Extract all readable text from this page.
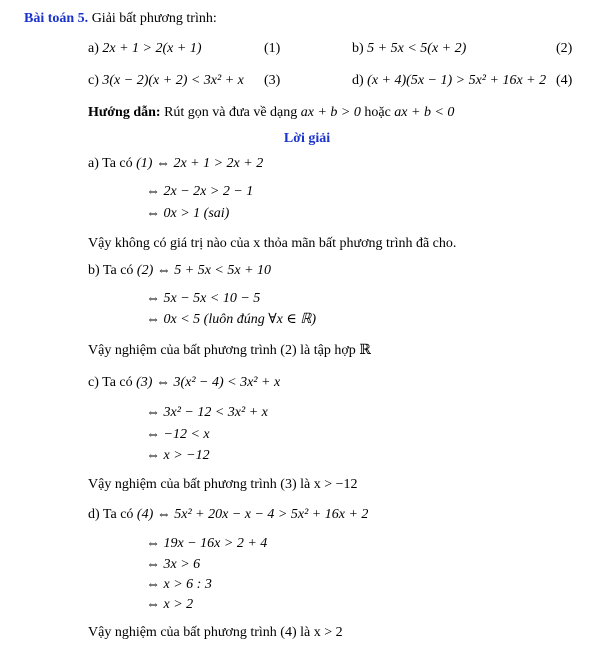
Bài toán 5. Giải bất phương trình:
a) 2x + 1 > 2(x + 1)	(1)	b) 5 + 5x < 5(x + 2)	(2)
c) 3(x − 2)(x + 2) < 3x² + x (3)	d) (x + 4)(5x − 1) > 5x² + 16x + 2 (4)
Hướng dẫn: Rút gọn và đưa về dạng ax + b > 0 hoặc ax + b < 0
Lời giải
a) Ta có (1) ⇔ 2x + 1 > 2x + 2
⇔ 2x − 2x > 2 − 1
⇔ 0x > 1 (sai)
Vậy không có giá trị nào của x thỏa mãn bất phương trình đã cho.
b) Ta có (2) ⇔ 5 + 5x < 5x + 10
⇔ 5x − 5x < 10 − 5
⇔ 0x < 5 (luôn đúng ∀x ∈ ℝ)
Vậy nghiệm của bất phương trình (2) là tập hợp ℝ
c) Ta có (3) ⇔ 3(x² − 4) < 3x² + x
⇔ 3x² − 12 < 3x² + x
⇔ −12 < x
⇔ x > −12
Vậy nghiệm của bất phương trình (3) là x > −12
d) Ta có (4) ⇔ 5x² + 20x − x − 4 > 5x² + 16x + 2
⇔ 19x − 16x > 2 + 4
⇔ 3x > 6
⇔ x > 6 : 3
⇔ x > 2
Vậy nghiệm của bất phương trình (4) là x > 2
